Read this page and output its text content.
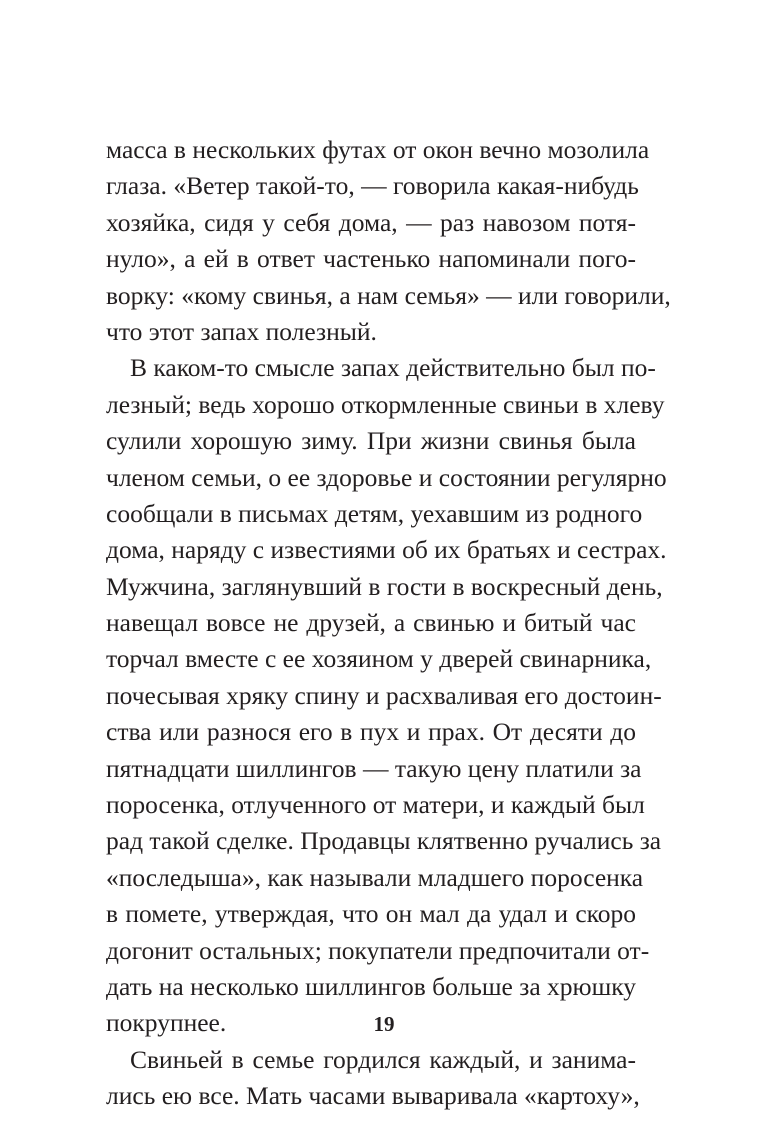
масса в нескольких футах от окон вечно мозолила
глаза. «Ветер такой-то, — говорила какая-нибудь
хозяйка, сидя у себя дома, — раз навозом потя-
нуло», а ей в ответ частенько напоминали пого-
ворку: «кому свинья, а нам семья» — или говорили,
что этот запах полезный.
В каком-то смысле запах действительно был по-
лезный; ведь хорошо откормленные свиньи в хлеву
сулили хорошую зиму. При жизни свинья была
членом семьи, о ее здоровье и состоянии регулярно
сообщали в письмах детям, уехавшим из родного
дома, наряду с известиями об их братьях и сестрах.
Мужчина, заглянувший в гости в воскресный день,
навещал вовсе не друзей, а свинью и битый час
торчал вместе с ее хозяином у дверей свинарника,
почесывая хряку спину и расхваливая его достоин-
ства или разнося его в пух и прах. От десяти до
пятнадцати шиллингов — такую цену платили за
поросенка, отлученного от матери, и каждый был
рад такой сделке. Продавцы клятвенно ручались за
«последыша», как называли младшего поросенка
в помете, утверждая, что он мал да удал и скоро
догонит остальных; покупатели предпочитали от-
дать на несколько шиллингов больше за хрюшку
покрупнее.
Свиньей в семье гордился каждый, и занима-
лись ею все. Мать часами вываривала «картоху»,
19
